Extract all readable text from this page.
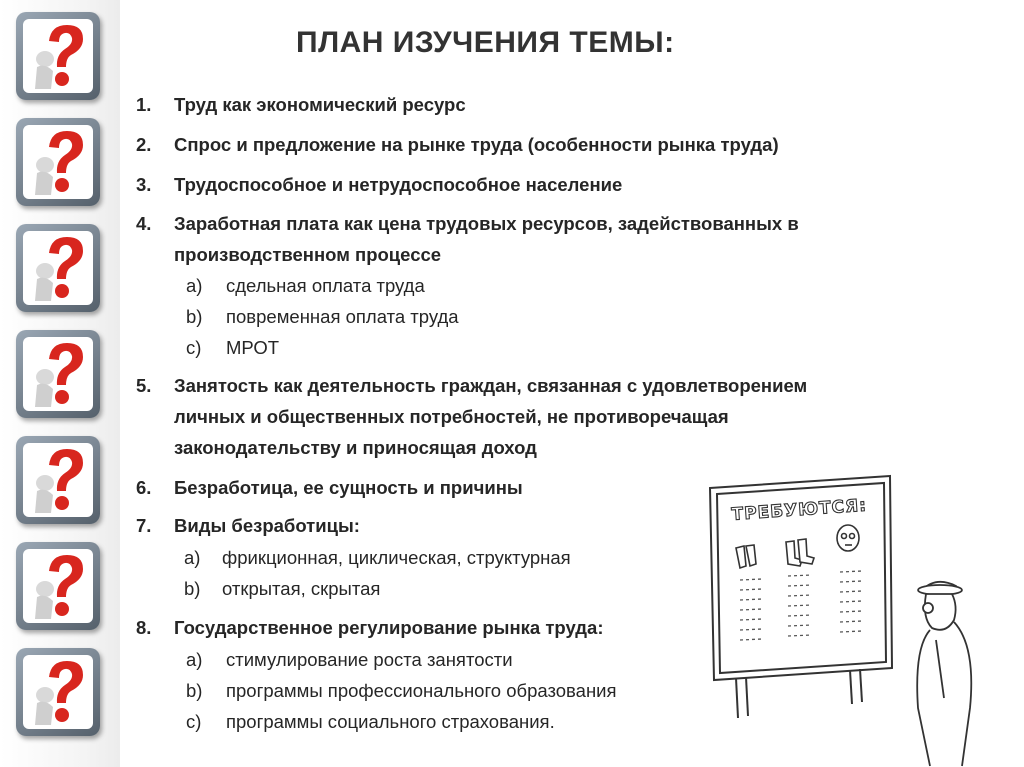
ПЛАН ИЗУЧЕНИЯ ТЕМЫ:
1. Труд как экономический ресурс
2. Спрос и предложение на рынке труда (особенности рынка труда)
3. Трудоспособное и нетрудоспособное население
4. Заработная плата как цена трудовых ресурсов, задействованных в
производственном процессе
a) сдельная оплата труда
b) повременная оплата труда
c) МРОТ
5. Занятость как деятельность граждан, связанная с удовлетворением
личных и общественных потребностей, не противоречащая
законодательству и приносящая доход
6. Безработица, ее сущность и причины
7. Виды безработицы:
a) фрикционная, циклическая, структурная
b) открытая, скрытая
8. Государственное регулирование рынка труда:
a) стимулирование роста занятости
b) программы профессионального образования
c) программы социального страхования.
ТРЕБУЮТСЯ:
